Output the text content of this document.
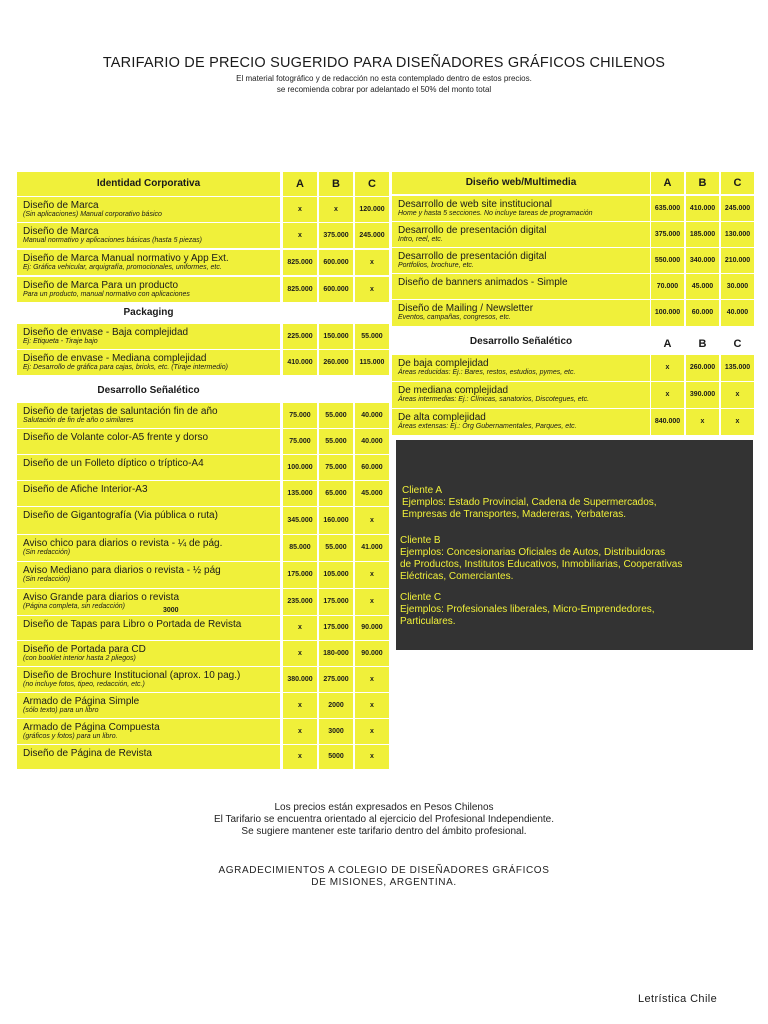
TARIFARIO DE PRECIO SUGERIDO PARA DISEÑADORES GRÁFICOS CHILENOS
El material fotográfico y de redacción no esta contemplado dentro de estos precios.
se recomienda cobrar por adelantado el 50% del monto total
Cliente A
Ejemplos: Estado Provincial, Cadena de Supermercados,
Empresas de Transportes, Madereras, Yerbateras.
Cliente B
Ejemplos: Concesionarias Oficiales de Autos, Distribuidoras
de Productos, Institutos Educativos, Inmobiliarias, Cooperativas
Eléctricas, Comerciantes.
Cliente C
Ejemplos: Profesionales liberales, Micro-Emprendedores,
Particulares.
Los precios están expresados en Pesos Chilenos
El Tarifario se encuentra orientado al ejercicio del Profesional Independiente.
Se sugiere mantener este tarifario dentro del ámbito profesional.
AGRADECIMIENTOS A COLEGIO DE DISEÑADORES GRÁFICOS
DE MISIONES, ARGENTINA.
Letrística Chile
Identidad Corporativa	A	B	C
Diseño de Marca
(Sin aplicaciones) Manual corporativo básico
x	x	120.000
Diseño de Marca
Manual normativo y aplicaciones básicas (hasta 5 piezas)
x	375.000	245.000
Diseño de Marca Manual normativo y App Ext.
Ej: Gráfica vehicular, arquigrafía, promocionales, uniformes, etc.
825.000	600.000	x
Diseño de Marca Para un producto
Para un producto, manual normativo con aplicaciones
825.000	600.000	x
Packaging
Diseño de envase - Baja complejidad
Ej: Etiqueta - Tiraje bajo
225.000	150.000	55.000
Diseño de envase - Mediana complejidad
Ej: Desarrollo de gráfica para cajas, bricks, etc. (Tiraje intermedio)
410.000	260.000	115.000
Desarrollo Señalético
Diseño de tarjetas de saluntación fin de año
Salutación de fin de año o similares
75.000	55.000	40.000
Diseño de Volante color-A5 frente y dorso	75.000	55.000	40.000
Diseño de un Folleto díptico o tríptico-A4	100.000	75.000	60.000
Diseño de Afiche Interior-A3	135.000	65.000	45.000
Diseño de Gigantografía (Via pública o ruta)	345.000	160.000	x
Aviso chico para diarios o revista - ¼ de pág.
(Sin redacción)
85.000	55.000	41.000
Aviso Mediano para diarios o revista - ½ pág
(Sin redacción)
175.000	105.000	x
Aviso Grande para diarios o revista
(Página completa, sin redacción)
235.000	175.000	x
Diseño de Tapas para Libro o Portada de Revista	x	175.000	90.000
Diseño de Portada para CD
(con booklet interior hasta 2 pliegos)
x	180-000	90.000
Diseño de Brochure Institucional (aprox. 10 pag.)
(no incluye fotos, tipeo, redacción, etc.)
380.000	275.000	x
Armado de Página Simple
(sólo texto) para un libro
x	2000	x
Armado de Página Compuesta
(gráficos y fotos) para un libro.
x	3000	x
Diseño de Página de Revista	x	5000	x
3000
Diseño web/Multimedia	A	B	C
Desarrollo de web site institucional
Home y hasta 5 secciones. No incluye tareas de programación
635.000	410.000	245.000
Desarrollo de presentación digital
Intro, reel, etc.
375.000	185.000	130.000
Desarrollo de presentación digital
Portfolios, brochure, etc.
550.000	340.000	210.000
Diseño de banners animados - Simple	70.000	45.000	30.000
Diseño de Mailing / Newsletter
Eventos, campañas, congresos, etc.
100.000	60.000	40.000
Desarrollo Señalético	A	B	C
De baja complejidad
Áreas reducidas: Ej.: Bares, restos, estudios, pymes, etc.
x	260.000	135.000
De mediana complejidad
Áreas intermedias: Ej.: Clínicas, sanatorios, Discotegues, etc.
x	390.000	x
De alta complejidad
Áreas extensas: Ej.: Org Gubernamentales, Parques, etc.
840.000	x	x
